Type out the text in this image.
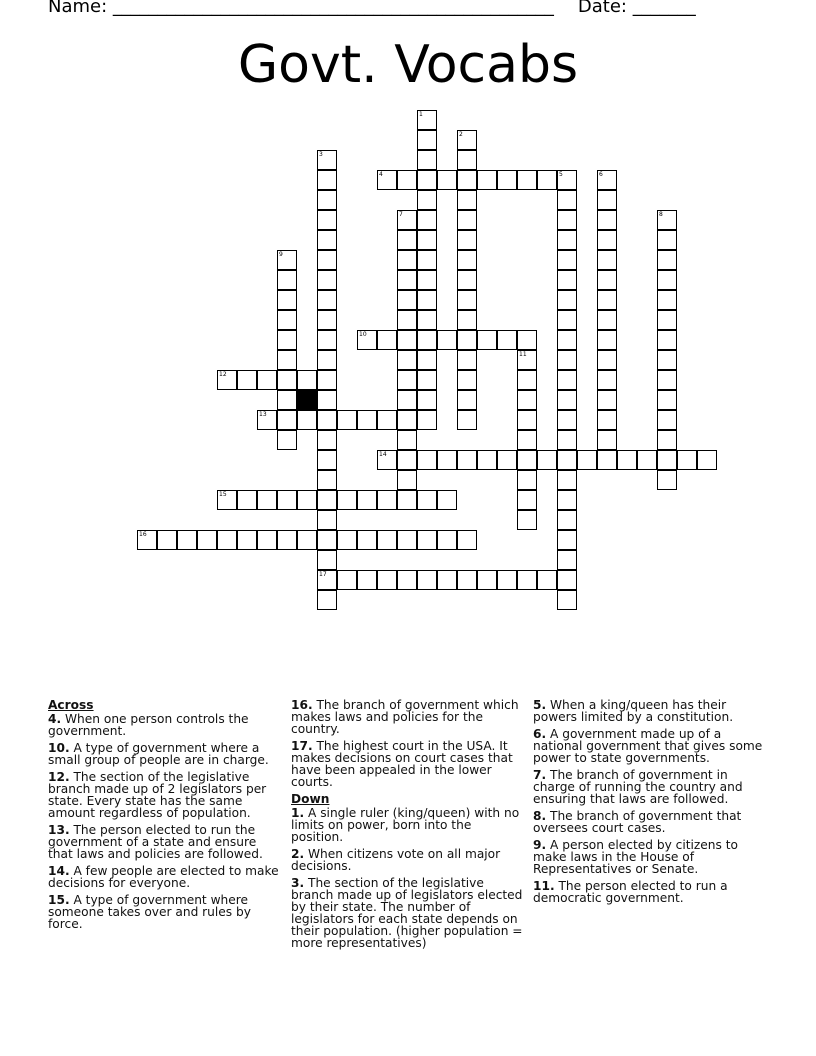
Name: _________________________________________________ Date: _______
Govt. Vocabs
1
2
3
4	5	6
7	8
9
10
11
12
13
14
15
16
17
Across
4. When one person controls the government.
10. A type of government where a small group of people are in charge.
12. The section of the legislative branch made up of 2 legislators per state. Every state has the same amount regardless of population.
13. The person elected to run the government of a state and ensure that laws and policies are followed.
14. A few people are elected to make decisions for everyone.
15. A type of government where someone takes over and rules by force.
16. The branch of government which makes laws and policies for the country.
17. The highest court in the USA. It makes decisions on court cases that have been appealed in the lower courts.
Down
1. A single ruler (king/queen) with no limits on power, born into the position.
2. When citizens vote on all major decisions.
3. The section of the legislative branch made up of legislators elected by their state. The number of legislators for each state depends on their population. (higher population = more representatives)
5. When a king/queen has their powers limited by a constitution.
6. A government made up of a national government that gives some power to state governments.
7. The branch of government in charge of running the country and ensuring that laws are followed.
8. The branch of government that oversees court cases.
9. A person elected by citizens to make laws in the House of Representatives or Senate.
11. The person elected to run a democratic government.
